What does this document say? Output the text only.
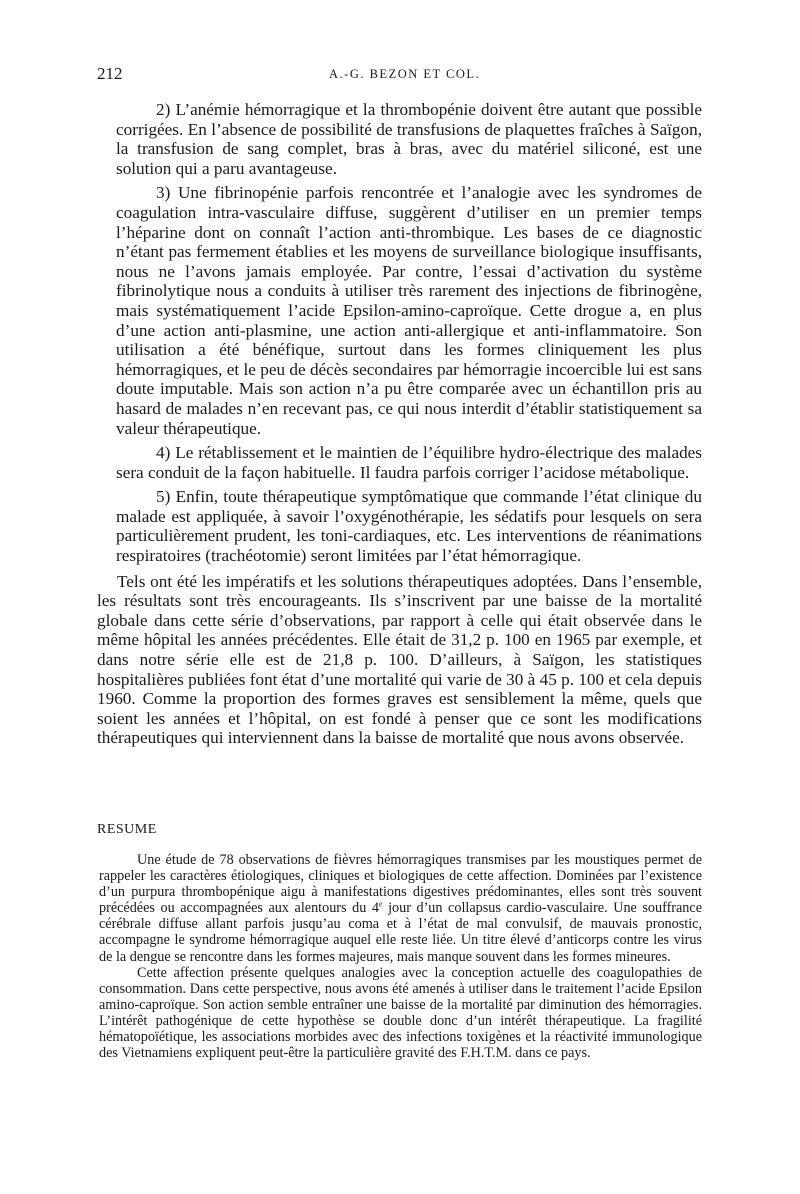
212	A.-G. BEZON ET COL.

2) L’anémie hémorragique et la thrombopénie doivent être autant que possible corrigées. En l’absence de possibilité de transfusions de plaquettes fraîches à Saïgon, la transfusion de sang complet, bras à bras, avec du matériel siliconé, est une solution qui a paru avantageuse.

3) Une fibrinopénie parfois rencontrée et l’analogie avec les syndromes de coagulation intra-vasculaire diffuse, suggèrent d’utiliser en un premier temps l’héparine dont on connaît l’action anti-thrombique. Les bases de ce diagnostic n’étant pas fermement établies et les moyens de surveillance biologique insuffisants, nous ne l’avons jamais employée. Par contre, l’essai d’activation du système fibrinolytique nous a conduits à utiliser très rarement des injections de fibrinogène, mais systématiquement l’acide Epsilon-amino-caproïque. Cette drogue a, en plus d’une action anti-plasmine, une action anti-allergique et anti-inflammatoire. Son utilisation a été bénéfique, surtout dans les formes cliniquement les plus hémorragiques, et le peu de décès secondaires par hémorragie incoercible lui est sans doute imputable. Mais son action n’a pu être comparée avec un échantillon pris au hasard de malades n’en recevant pas, ce qui nous interdit d’établir statistiquement sa valeur thérapeutique.

4) Le rétablissement et le maintien de l’équilibre hydro-électrique des malades sera conduit de la façon habituelle. Il faudra parfois corriger l’acidose métabolique.

5) Enfin, toute thérapeutique symptômatique que commande l’état clinique du malade est appliquée, à savoir l’oxygénothérapie, les sédatifs pour lesquels on sera particulièrement prudent, les toni-cardiaques, etc. Les interventions de réanimations respiratoires (trachéotomie) seront limitées par l’état hémorragique.

Tels ont été les impératifs et les solutions thérapeutiques adoptées. Dans l’ensemble, les résultats sont très encourageants. Ils s’inscrivent par une baisse de la mortalité globale dans cette série d’observations, par rapport à celle qui était observée dans le même hôpital les années précédentes. Elle était de 31,2 p. 100 en 1965 par exemple, et dans notre série elle est de 21,8 p. 100. D’ailleurs, à Saïgon, les statistiques hospitalières publiées font état d’une mortalité qui varie de 30 à 45 p. 100 et cela depuis 1960. Comme la proportion des formes graves est sensiblement la même, quels que soient les années et l’hôpital, on est fondé à penser que ce sont les modifications thérapeutiques qui interviennent dans la baisse de mortalité que nous avons observée.

RESUME

Une étude de 78 observations de fièvres hémorragiques transmises par les moustiques permet de rappeler les caractères étiologiques, cliniques et biologiques de cette affection. Dominées par l’existence d’un purpura thrombopénique aigu à manifestations digestives prédominantes, elles sont très souvent précédées ou accompagnées aux alentours du 4e jour d’un collapsus cardio-vasculaire. Une souffrance cérébrale diffuse allant parfois jusqu’au coma et à l’état de mal convulsif, de mauvais pronostic, accompagne le syndrome hémorragique auquel elle reste liée. Un titre élevé d’anticorps contre les virus de la dengue se rencontre dans les formes majeures, mais manque souvent dans les formes mineures.

Cette affection présente quelques analogies avec la conception actuelle des coagulopathies de consommation. Dans cette perspective, nous avons été amenés à utiliser dans le traitement l’acide Epsilon amino-caproïque. Son action semble entraîner une baisse de la mortalité par diminution des hémorragies. L’intérêt pathogénique de cette hypothèse se double donc d’un intérêt thérapeutique. La fragilité hématopoïétique, les associations morbides avec des infections toxigènes et la réactivité immunologique des Vietnamiens expliquent peut-être la particulière gravité des F.H.T.M. dans ce pays.
